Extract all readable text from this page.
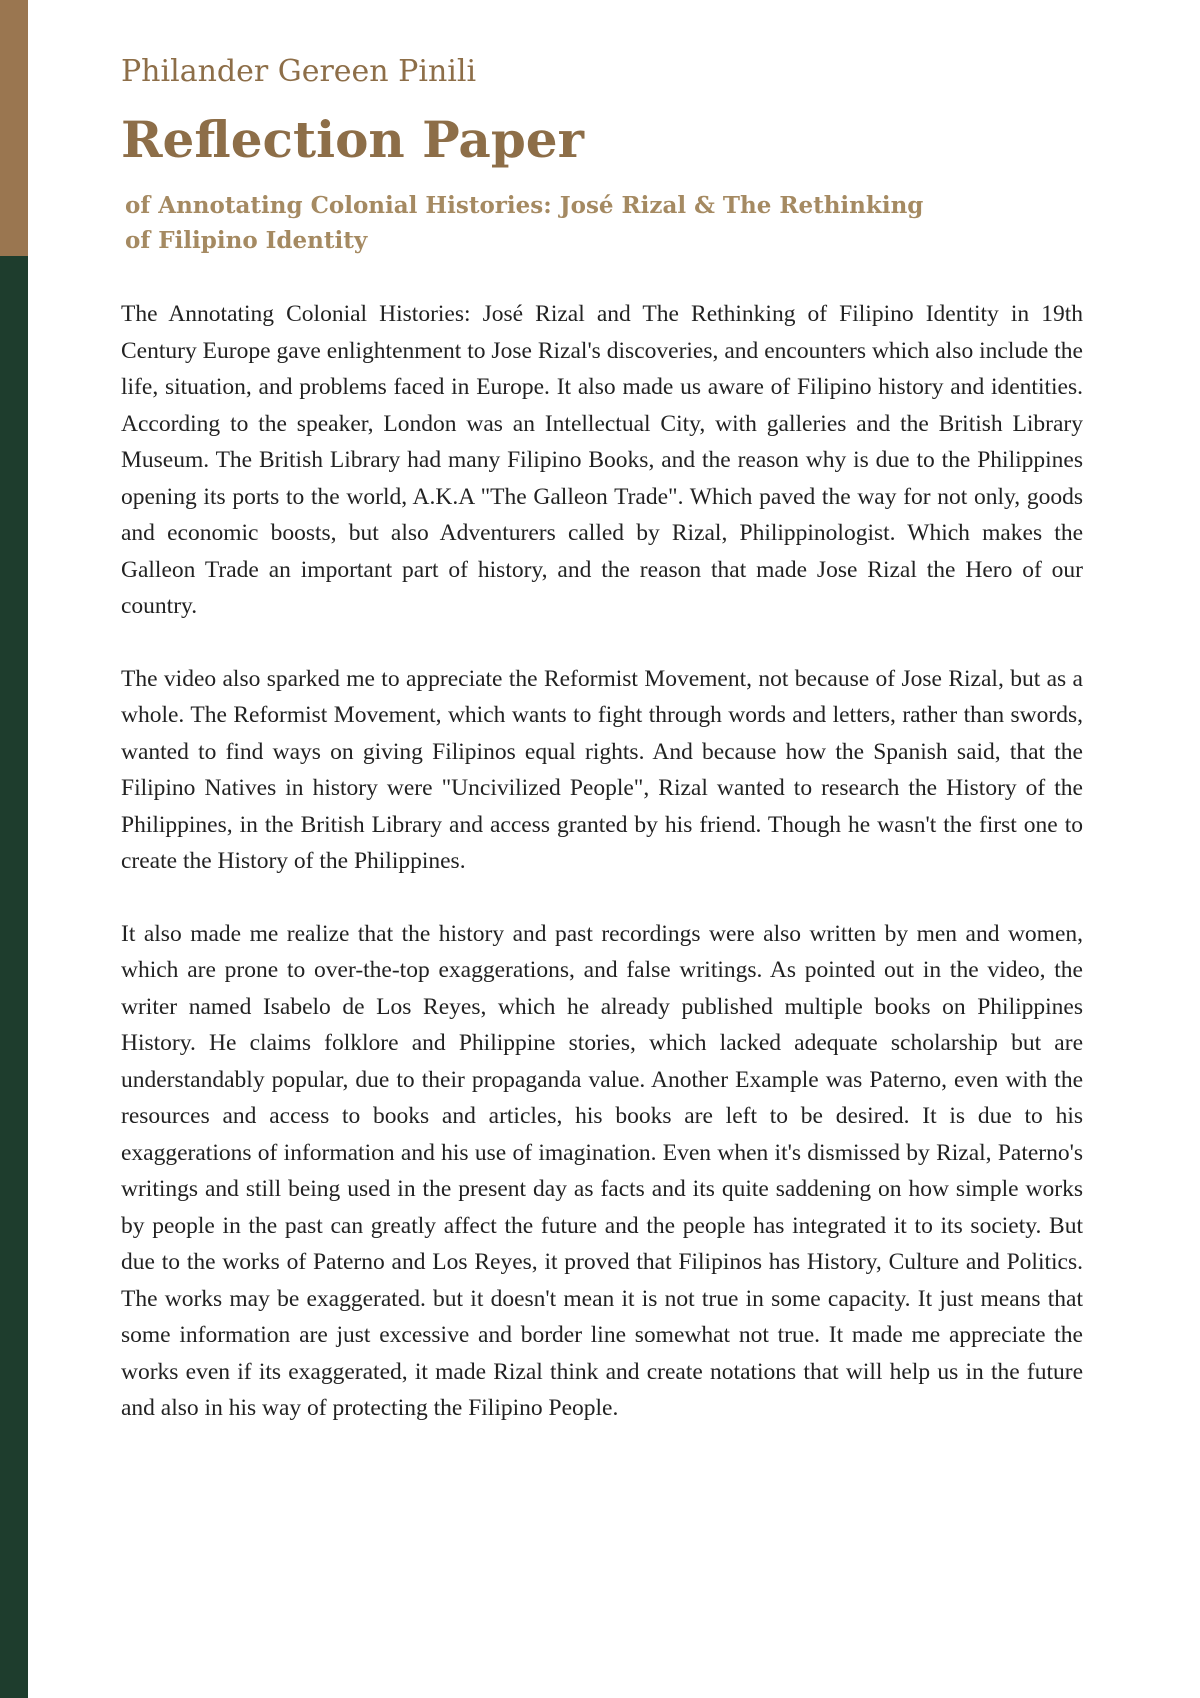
Philander Gereen Pinili
Reflection Paper
of Annotating Colonial Histories: José Rizal & The Rethinking of Filipino Identity

The Annotating Colonial Histories: José Rizal and The Rethinking of Filipino Identity in 19th Century Europe gave enlightenment to Jose Rizal's discoveries, and encounters which also include the life, situation, and problems faced in Europe. It also made us aware of Filipino history and identities. According to the speaker, London was an Intellectual City, with galleries and the British Library Museum. The British Library had many Filipino Books, and the reason why is due to the Philippines opening its ports to the world, A.K.A "The Galleon Trade". Which paved the way for not only, goods and economic boosts, but also Adventurers called by Rizal, Philippinologist. Which makes the Galleon Trade an important part of history, and the reason that made Jose Rizal the Hero of our country.

The video also sparked me to appreciate the Reformist Movement, not because of Jose Rizal, but as a whole. The Reformist Movement, which wants to fight through words and letters, rather than swords, wanted to find ways on giving Filipinos equal rights. And because how the Spanish said, that the Filipino Natives in history were "Uncivilized People", Rizal wanted to research the History of the Philippines, in the British Library and access granted by his friend. Though he wasn't the first one to create the History of the Philippines.

It also made me realize that the history and past recordings were also written by men and women, which are prone to over-the-top exaggerations, and false writings. As pointed out in the video, the writer named Isabelo de Los Reyes, which he already published multiple books on Philippines History. He claims folklore and Philippine stories, which lacked adequate scholarship but are understandably popular, due to their propaganda value. Another Example was Paterno, even with the resources and access to books and articles, his books are left to be desired. It is due to his exaggerations of information and his use of imagination. Even when it's dismissed by Rizal, Paterno's writings and still being used in the present day as facts and its quite saddening on how simple works by people in the past can greatly affect the future and the people has integrated it to its society. But due to the works of Paterno and Los Reyes, it proved that Filipinos has History, Culture and Politics. The works may be exaggerated. but it doesn't mean it is not true in some capacity. It just means that some information are just excessive and border line somewhat not true. It made me appreciate the works even if its exaggerated, it made Rizal think and create notations that will help us in the future and also in his way of protecting the Filipino People.
